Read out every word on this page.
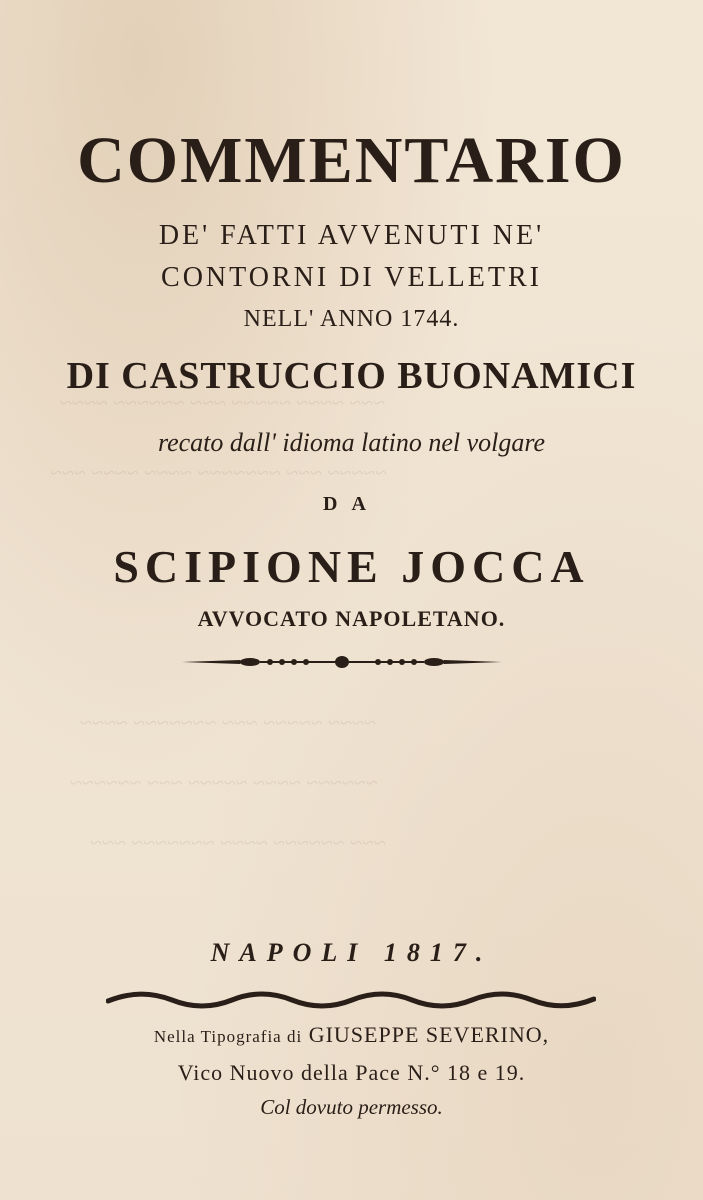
~~~ ~~~~ ~~~~~ ~~~ ~~~~~~ ~~~~
~~~~~ ~~~ ~~~~~~~ ~~~~ ~~~~ ~~~
~~~~ ~~~~~ ~~~ ~~~~~~~ ~~~~
~~~~~~ ~~~~ ~~~~~ ~~~ ~~~~~~
~~~ ~~~~~~ ~~~~ ~~~~~~~ ~~~
COMMENTARIO
DE' FATTI AVVENUTI NE'
CONTORNI DI VELLETRI
NELL' ANNO 1744.
DI CASTRUCCIO BUONAMICI
recato dall' idioma latino nel volgare
DA
SCIPIONE JOCCA
AVVOCATO NAPOLETANO.
NAPOLI 1817.
Nella Tipografia di GIUSEPPE SEVERINO,
Vico Nuovo della Pace N.° 18 e 19.
Col dovuto permesso.
